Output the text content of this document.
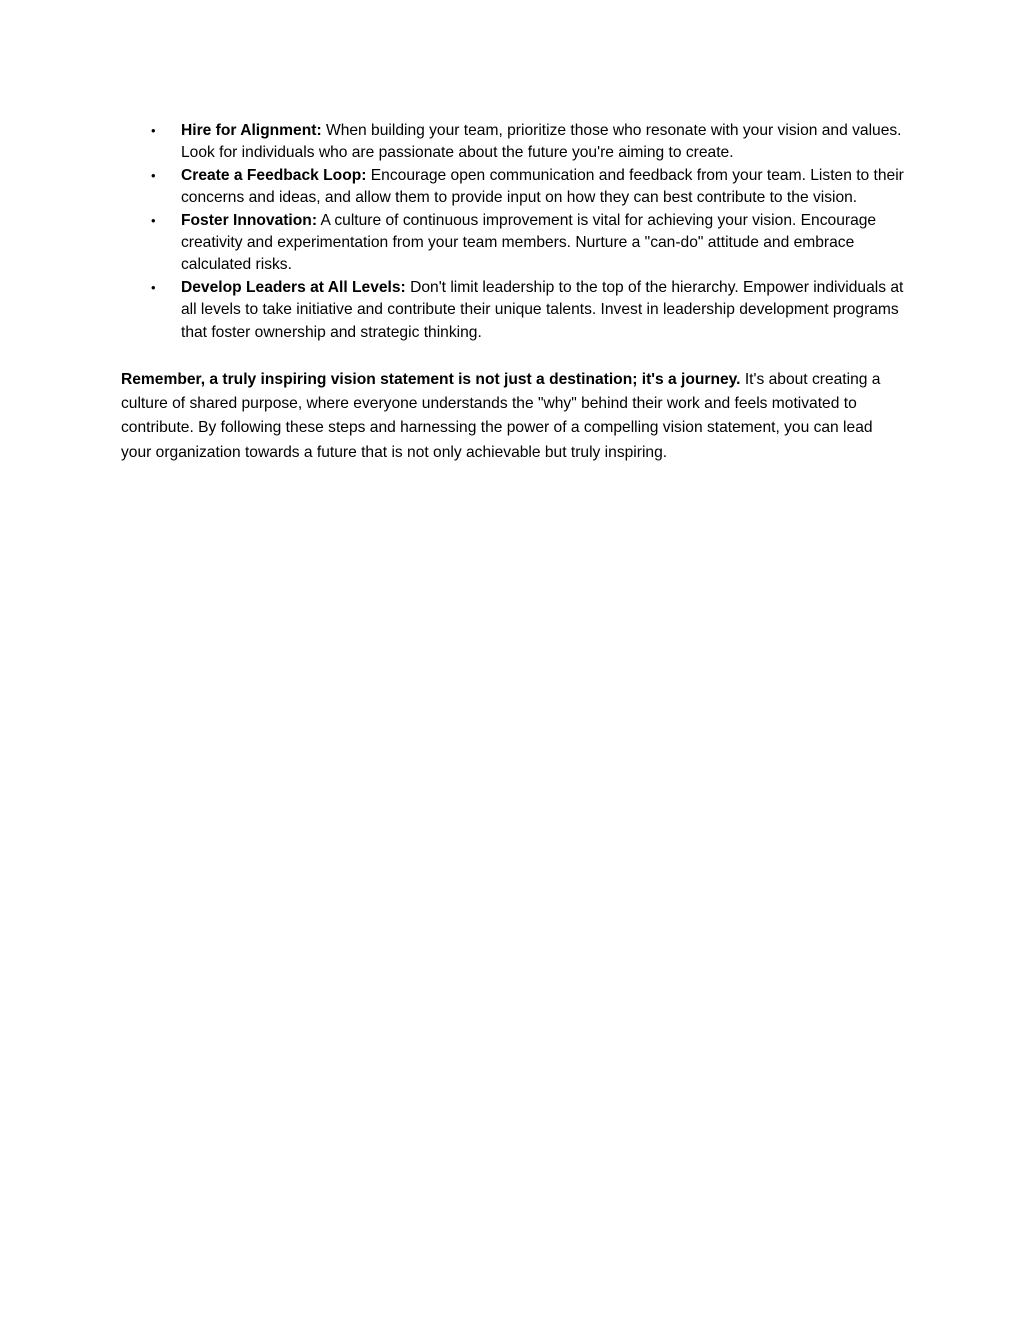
• Hire for Alignment: When building your team, prioritize those who resonate with your vision and values. Look for individuals who are passionate about the future you're aiming to create.
• Create a Feedback Loop: Encourage open communication and feedback from your team. Listen to their concerns and ideas, and allow them to provide input on how they can best contribute to the vision.
• Foster Innovation: A culture of continuous improvement is vital for achieving your vision. Encourage creativity and experimentation from your team members. Nurture a "can-do" attitude and embrace calculated risks.
• Develop Leaders at All Levels: Don't limit leadership to the top of the hierarchy. Empower individuals at all levels to take initiative and contribute their unique talents. Invest in leadership development programs that foster ownership and strategic thinking.

Remember, a truly inspiring vision statement is not just a destination; it's a journey. It's about creating a culture of shared purpose, where everyone understands the "why" behind their work and feels motivated to contribute. By following these steps and harnessing the power of a compelling vision statement, you can lead your organization towards a future that is not only achievable but truly inspiring.
